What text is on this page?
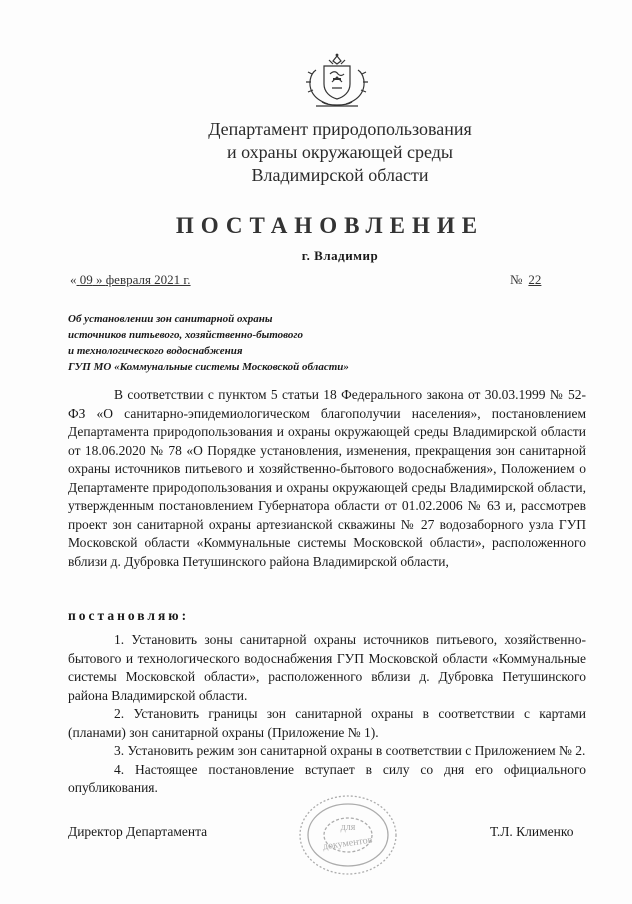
Департамент природопользования
и охраны окружающей среды
Владимирской области
ПОСТАНОВЛЕНИЕ
г. Владимир
« 09 » февраля 2021 г.	№ 22
Об установлении зон санитарной охраны
источников питьевого, хозяйственно-бытового
и технологического водоснабжения
ГУП МО «Коммунальные системы Московской области»

В соответствии с пунктом 5 статьи 18 Федерального закона от 30.03.1999 № 52-ФЗ «О санитарно-эпидемиологическом благополучии населения», постановлением Департамента природопользования и охраны окружающей среды Владимирской области от 18.06.2020 № 78 «О Порядке установления, изменения, прекращения зон санитарной охраны источников питьевого и хозяйственно-бытового водоснабжения», Положением о Департаменте природопользования и охраны окружающей среды Владимирской области, утвержденным постановлением Губернатора области от 01.02.2006 № 63 и, рассмотрев проект зон санитарной охраны артезианской скважины № 27 водозаборного узла ГУП Московской области «Коммунальные системы Московской области», расположенного вблизи д. Дубровка Петушинского района Владимирской области,

постановляю:

1. Установить зоны санитарной охраны источников питьевого, хозяйственно-бытового и технологического водоснабжения ГУП Московской области «Коммунальные системы Московской области», расположенного вблизи д. Дубровка Петушинского района Владимирской области.

2. Установить границы зон санитарной охраны в соответствии с картами (планами) зон санитарной охраны (Приложение № 1).

3. Установить режим зон санитарной охраны в соответствии с Приложением № 2.

4. Настоящее постановление вступает в силу со дня его официального опубликования.

Директор Департамента	Т.Л. Клименко
для
документов
